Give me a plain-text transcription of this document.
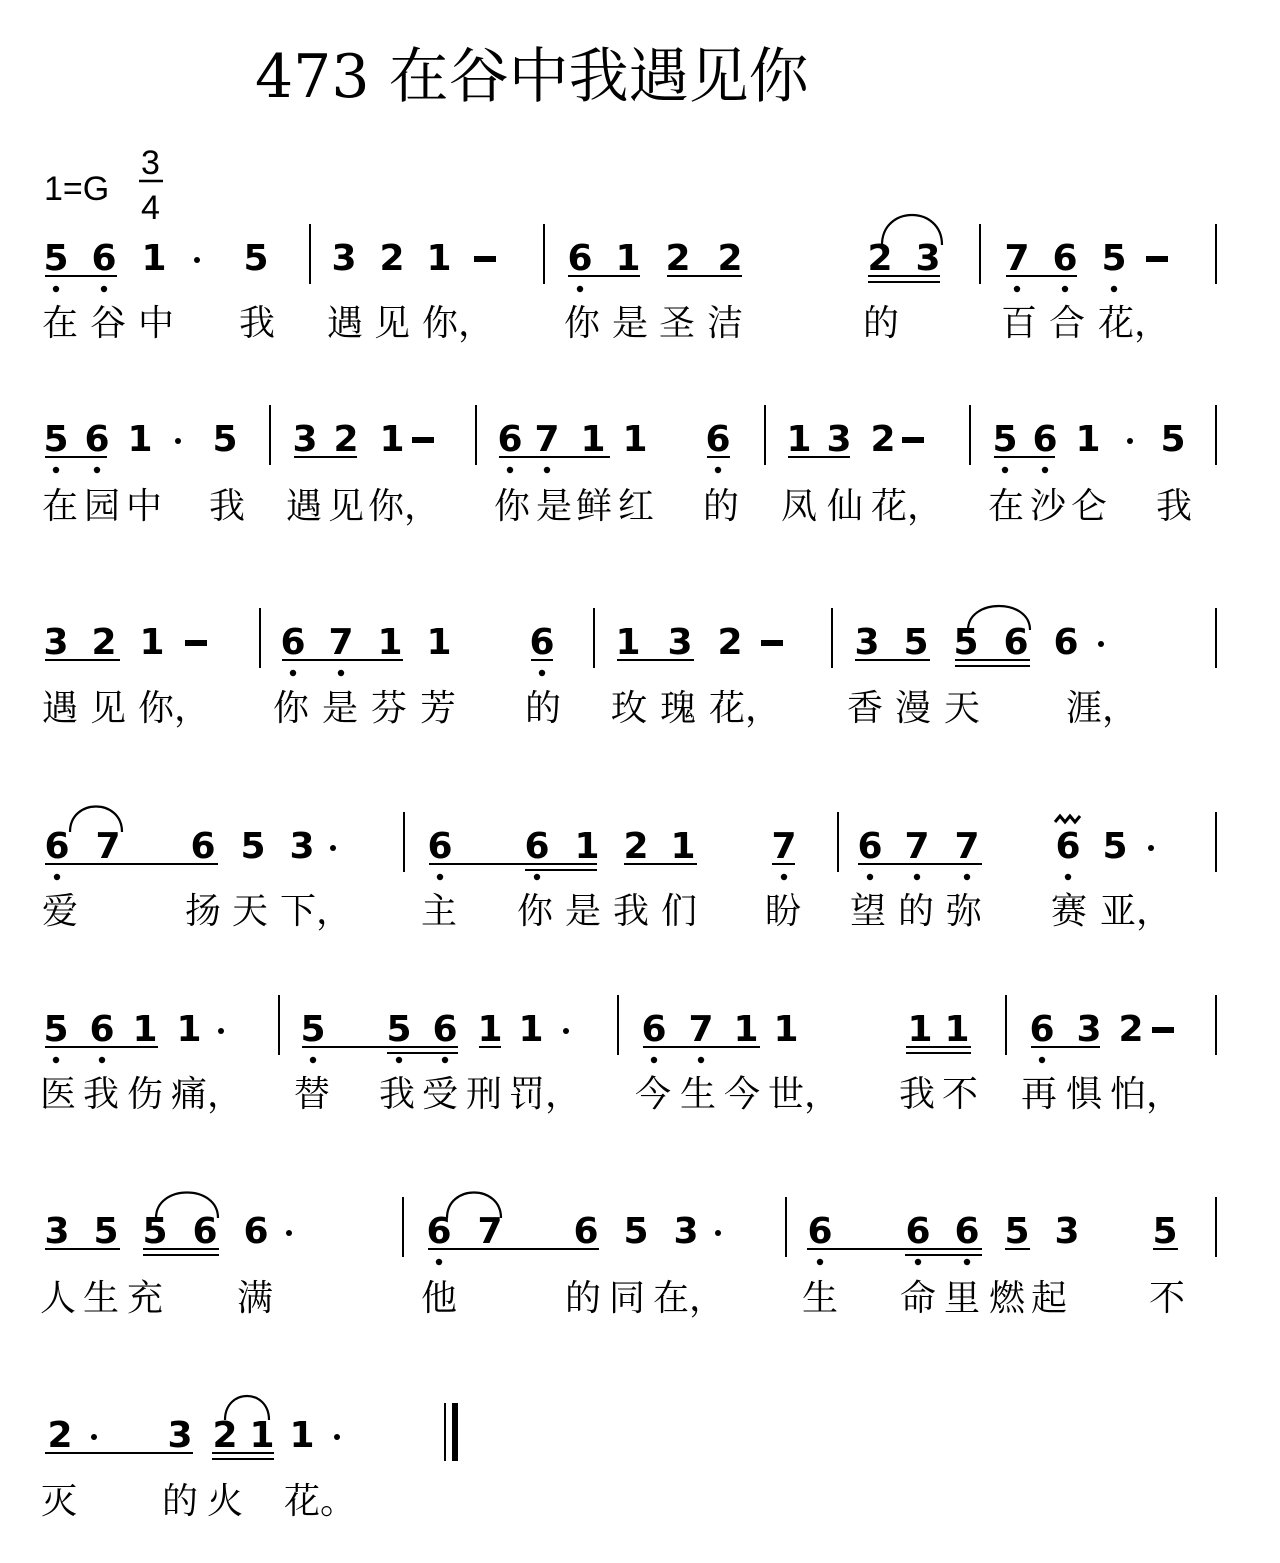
473 在谷中我遇见你
1=G
3
4
5 6 1 5 3 2 1	6 1 2 2	2 3 7 6 5
在 谷 中 我 遇 见 你， 你 是 圣 洁	的	百 合 花，
5 6 1 5 3 2 1	6 7 1 1 6 1 3 2	5 6 1 5
在 园 中 我 遇 见 你， 你 是 鲜 红 的 凤 仙 花， 在 沙 仑 我
3 2 1	6 7 1 1 6 1 3 2	3 5 5 6 6
遇 见 你， 你 是 芬 芳 的 玫 瑰 花， 香 漫 天 涯，
6 7 6 5 3	6 6 1 2 1 7 6 7 7 6 5
爱	扬 天 下， 主 你 是 我 们 盼 望 的 弥 赛 亚，
5 6 1 1	5 5 6 1 1	6 7 1 1	1 1 6 3 2
医 我 伤 痛， 替 我 受 刑 罚， 今 生 今 世， 我 不 再 惧 怕，
3 5 5 6 6	6 7 6 5 3	6 6 6 5 3 5
人 生 充 满	他	的 同 在， 生 命 里 燃 起 不
2	3 2 1 1
灭 的 火 花。
